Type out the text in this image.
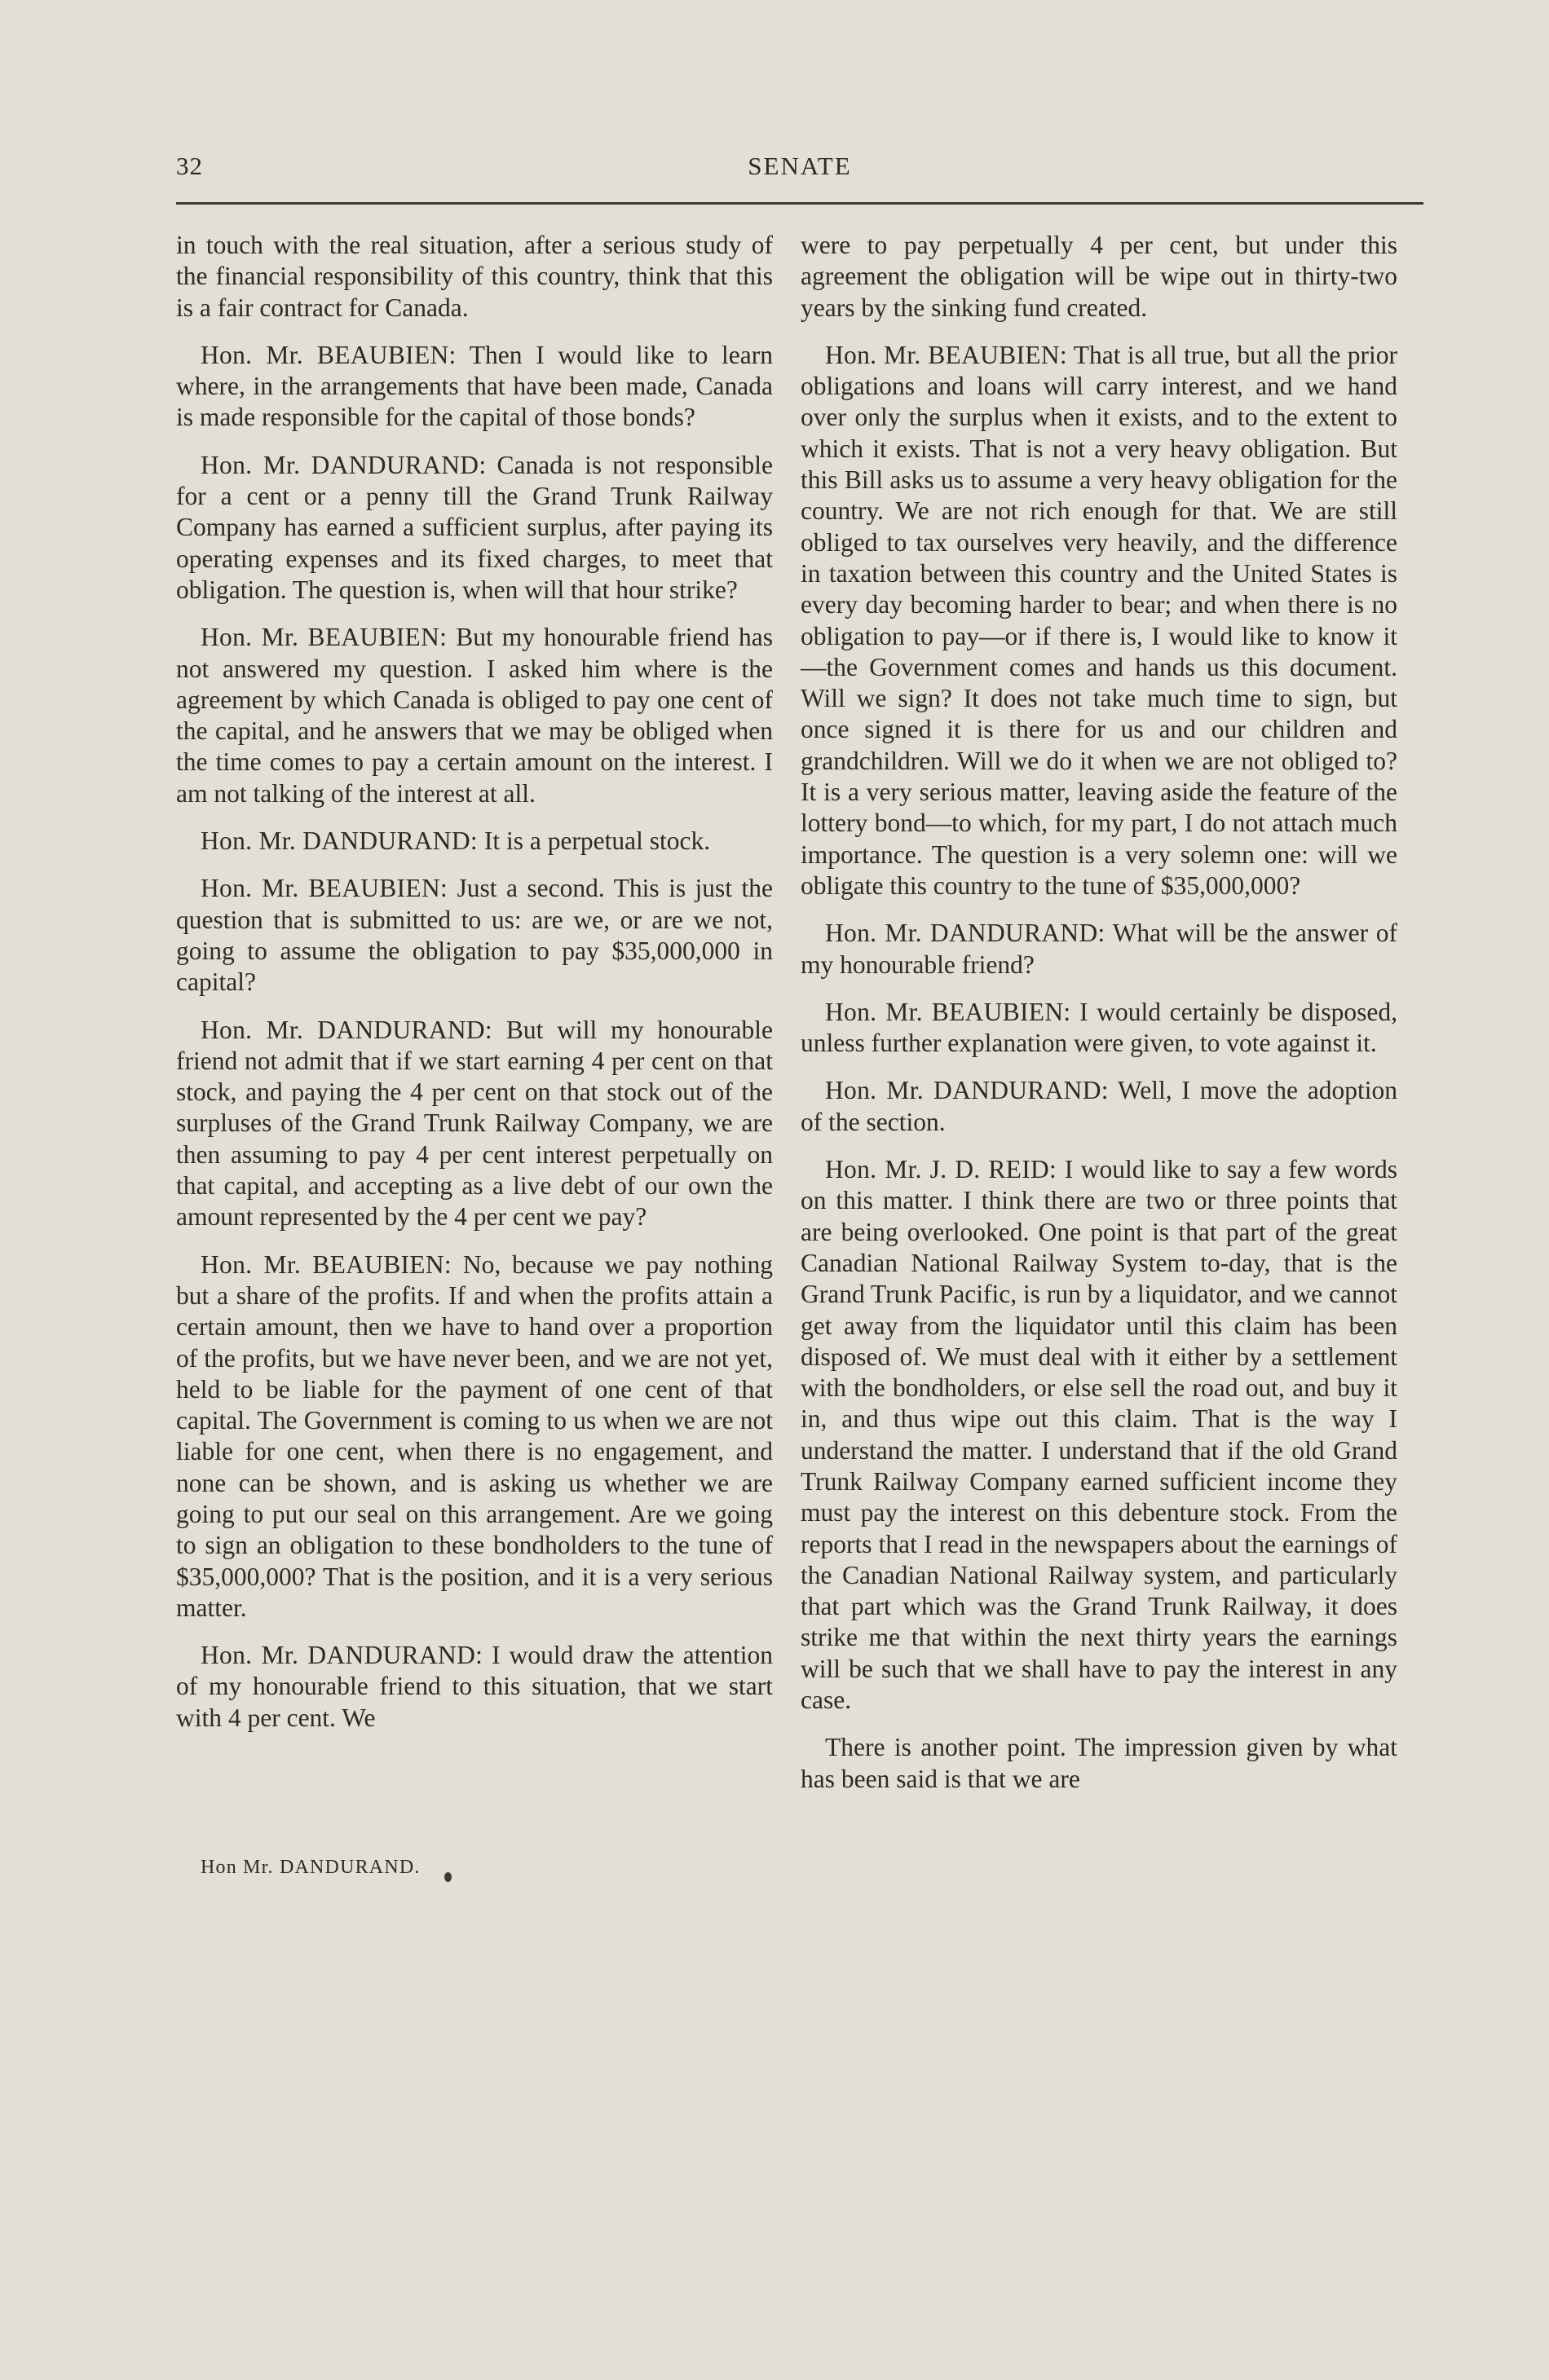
32	SENATE

in touch with the real situation, after a serious study of the financial responsibility of this country, think that this is a fair contract for Canada.

Hon. Mr. BEAUBIEN: Then I would like to learn where, in the arrangements that have been made, Canada is made responsible for the capital of those bonds?

Hon. Mr. DANDURAND: Canada is not responsible for a cent or a penny till the Grand Trunk Railway Company has earned a sufficient surplus, after paying its operating expenses and its fixed charges, to meet that obligation. The question is, when will that hour strike?

Hon. Mr. BEAUBIEN: But my honourable friend has not answered my question. I asked him where is the agreement by which Canada is obliged to pay one cent of the capital, and he answers that we may be obliged when the time comes to pay a certain amount on the interest. I am not talking of the interest at all.

Hon. Mr. DANDURAND: It is a perpetual stock.

Hon. Mr. BEAUBIEN: Just a second. This is just the question that is submitted to us: are we, or are we not, going to assume the obligation to pay $35,000,000 in capital?

Hon. Mr. DANDURAND: But will my honourable friend not admit that if we start earning 4 per cent on that stock, and paying the 4 per cent on that stock out of the surpluses of the Grand Trunk Railway Company, we are then assuming to pay 4 per cent interest perpetually on that capital, and accepting as a live debt of our own the amount represented by the 4 per cent we pay?

Hon. Mr. BEAUBIEN: No, because we pay nothing but a share of the profits. If and when the profits attain a certain amount, then we have to hand over a proportion of the profits, but we have never been, and we are not yet, held to be liable for the payment of one cent of that capital. The Government is coming to us when we are not liable for one cent, when there is no engagement, and none can be shown, and is asking us whether we are going to put our seal on this arrangement. Are we going to sign an obligation to these bondholders to the tune of $35,000,000? That is the position, and it is a very serious matter.

Hon. Mr. DANDURAND: I would draw the attention of my honourable friend to this situation, that we start with 4 per cent. We

Hon Mr. DANDURAND.

were to pay perpetually 4 per cent, but under this agreement the obligation will be wipe out in thirty-two years by the sinking fund created.

Hon. Mr. BEAUBIEN: That is all true, but all the prior obligations and loans will carry interest, and we hand over only the surplus when it exists, and to the extent to which it exists. That is not a very heavy obligation. But this Bill asks us to assume a very heavy obligation for the country. We are not rich enough for that. We are still obliged to tax ourselves very heavily, and the difference in taxation between this country and the United States is every day becoming harder to bear; and when there is no obligation to pay—or if there is, I would like to know it—the Government comes and hands us this document. Will we sign? It does not take much time to sign, but once signed it is there for us and our children and grandchildren. Will we do it when we are not obliged to? It is a very serious matter, leaving aside the feature of the lottery bond—to which, for my part, I do not attach much importance. The question is a very solemn one: will we obligate this country to the tune of $35,000,000?

Hon. Mr. DANDURAND: What will be the answer of my honourable friend?

Hon. Mr. BEAUBIEN: I would certainly be disposed, unless further explanation were given, to vote against it.

Hon. Mr. DANDURAND: Well, I move the adoption of the section.

Hon. Mr. J. D. REID: I would like to say a few words on this matter. I think there are two or three points that are being overlooked. One point is that part of the great Canadian National Railway System to-day, that is the Grand Trunk Pacific, is run by a liquidator, and we cannot get away from the liquidator until this claim has been disposed of. We must deal with it either by a settlement with the bondholders, or else sell the road out, and buy it in, and thus wipe out this claim. That is the way I understand the matter. I understand that if the old Grand Trunk Railway Company earned sufficient income they must pay the interest on this debenture stock. From the reports that I read in the newspapers about the earnings of the Canadian National Railway system, and particularly that part which was the Grand Trunk Railway, it does strike me that within the next thirty years the earnings will be such that we shall have to pay the interest in any case.

There is another point. The impression given by what has been said is that we are
